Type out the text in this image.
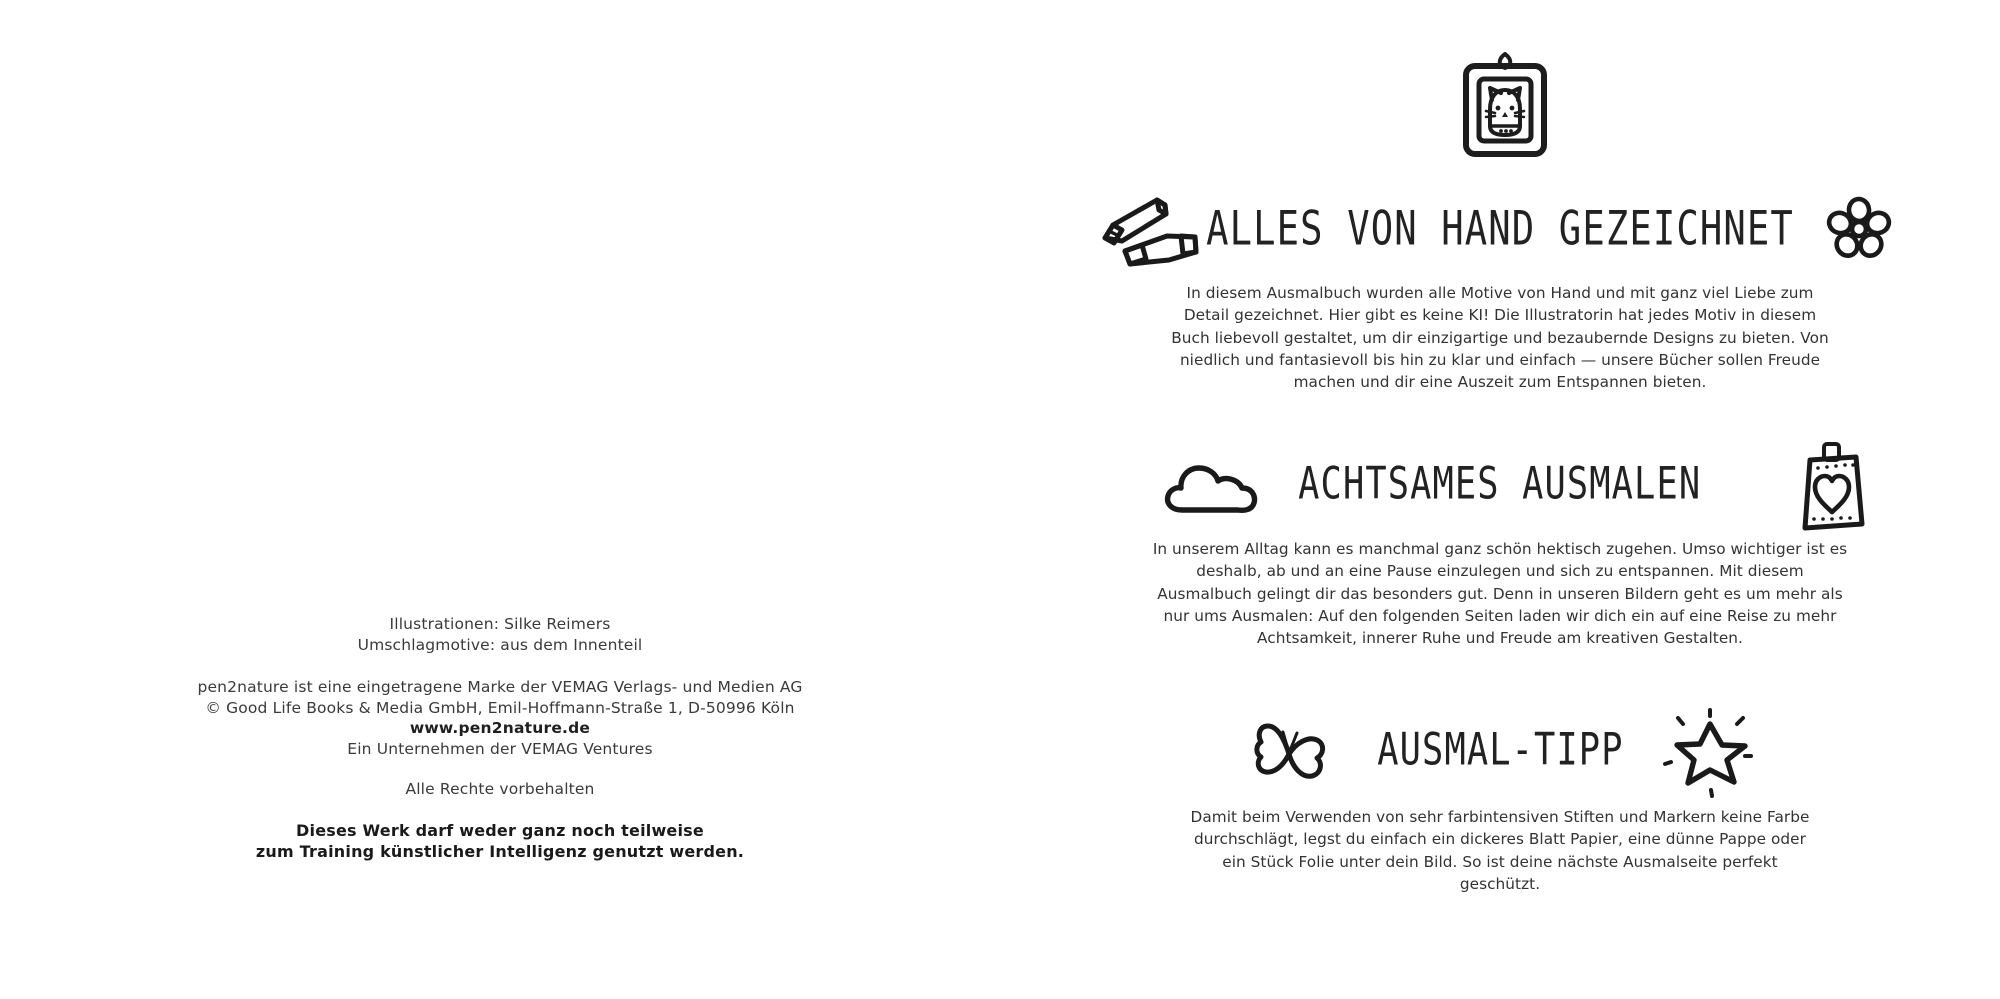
Illustrationen: Silke Reimers

Umschlagmotive: aus dem Innenteil

pen2nature ist eine eingetragene Marke der VEMAG Verlags- und Medien AG

© Good Life Books & Media GmbH, Emil-Hoffmann-Straße 1, D-50996 Köln

www.pen2nature.de

Ein Unternehmen der VEMAG Ventures

Alle Rechte vorbehalten

Dieses Werk darf weder ganz noch teilweise

zum Training künstlicher Intelligenz genutzt werden.

ALLES VON HAND GEZEICHNET

In diesem Ausmalbuch wurden alle Motive von Hand und mit ganz viel Liebe zum Detail gezeichnet. Hier gibt es keine KI! Die Illustratorin hat jedes Motiv in diesem Buch liebevoll gestaltet, um dir einzigartige und bezaubernde Designs zu bieten. Von niedlich und fantasievoll bis hin zu klar und einfach — unsere Bücher sollen Freude machen und dir eine Auszeit zum Entspannen bieten.

ACHTSAMES AUSMALEN

In unserem Alltag kann es manchmal ganz schön hektisch zugehen. Umso wichtiger ist es deshalb, ab und an eine Pause einzulegen und sich zu entspannen. Mit diesem Ausmalbuch gelingt dir das besonders gut. Denn in unseren Bildern geht es um mehr als nur ums Ausmalen: Auf den folgenden Seiten laden wir dich ein auf eine Reise zu mehr Achtsamkeit, innerer Ruhe und Freude am kreativen Gestalten.

AUSMAL-TIPP

Damit beim Verwenden von sehr farbintensiven Stiften und Markern keine Farbe durchschlägt, legst du einfach ein dickeres Blatt Papier, eine dünne Pappe oder ein Stück Folie unter dein Bild. So ist deine nächste Ausmalseite perfekt geschützt.
